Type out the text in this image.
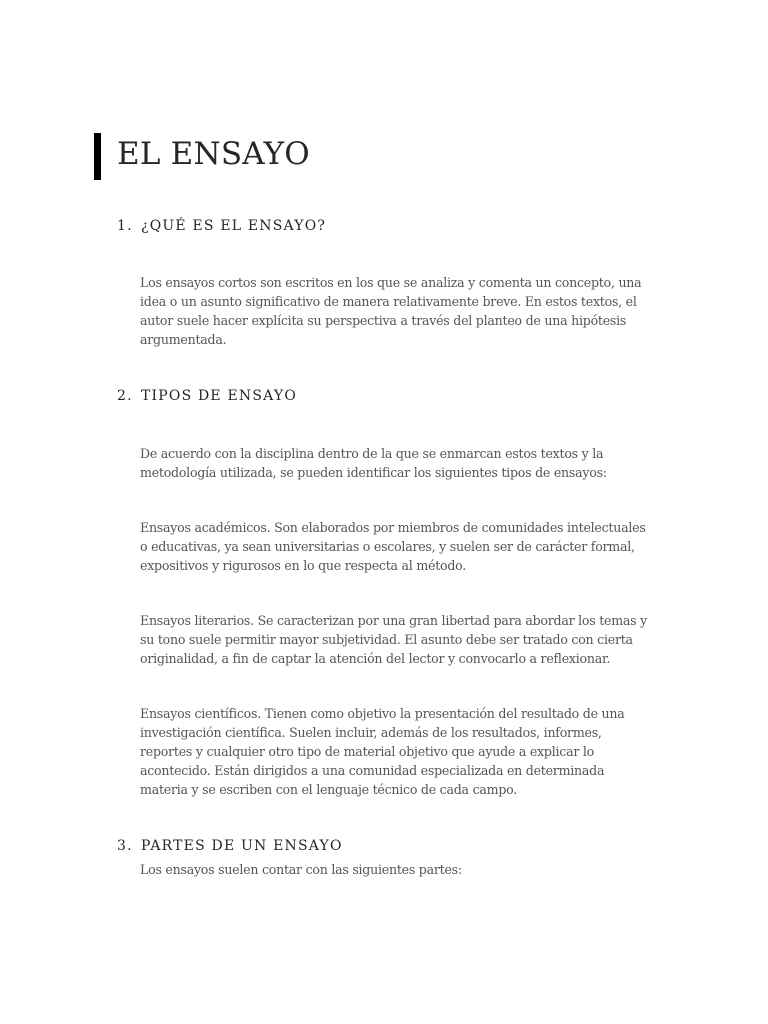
EL ENSAYO
1. ¿QUÉ ES EL ENSAYO?

Los ensayos cortos son escritos en los que se analiza y comenta un concepto, una idea o un asunto significativo de manera relativamente breve. En estos textos, el autor suele hacer explícita su perspectiva a través del planteo de una hipótesis argumentada.

2. TIPOS DE ENSAYO

De acuerdo con la disciplina dentro de la que se enmarcan estos textos y la metodología utilizada, se pueden identificar los siguientes tipos de ensayos:

Ensayos académicos. Son elaborados por miembros de comunidades intelectuales o educativas, ya sean universitarias o escolares, y suelen ser de carácter formal, expositivos y rigurosos en lo que respecta al método.

Ensayos literarios. Se caracterizan por una gran libertad para abordar los temas y su tono suele permitir mayor subjetividad. El asunto debe ser tratado con cierta originalidad, a fin de captar la atención del lector y convocarlo a reflexionar.

Ensayos científicos. Tienen como objetivo la presentación del resultado de una investigación científica. Suelen incluir, además de los resultados, informes, reportes y cualquier otro tipo de material objetivo que ayude a explicar lo acontecido. Están dirigidos a una comunidad especializada en determinada materia y se escriben con el lenguaje técnico de cada campo.

3. PARTES DE UN ENSAYO

Los ensayos suelen contar con las siguientes partes:
